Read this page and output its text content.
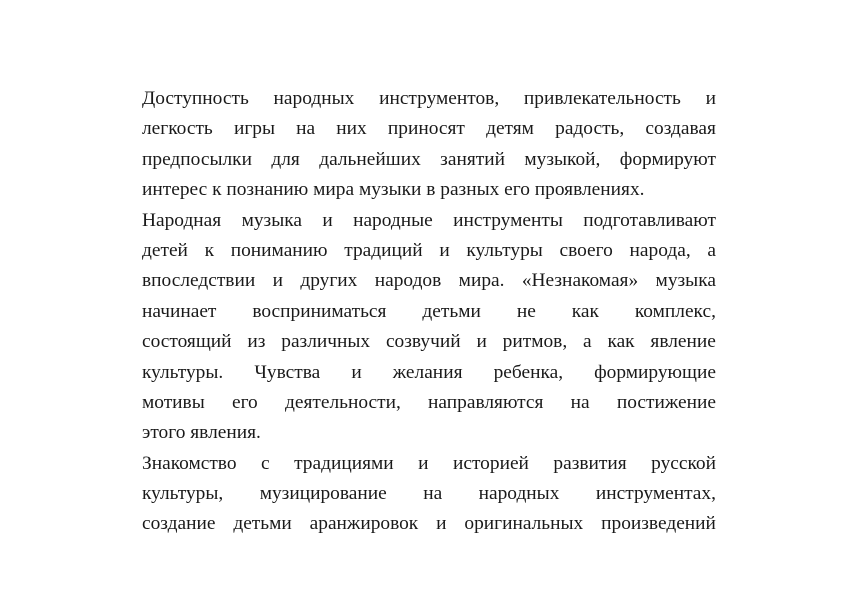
Доступность народных инструментов, привлекательность и
легкость игры на них приносят детям радость, создавая
предпосылки для дальнейших занятий музыкой, формируют
интерес к познанию мира музыки в разных его проявлениях.
Народная музыка и народные инструменты подготавливают
детей к пониманию традиций и культуры своего народа, а
впоследствии и других народов мира. «Незнакомая» музыка
начинает восприниматься детьми не как комплекс,
состоящий из различных созвучий и ритмов, а как явление
культуры. Чувства и желания ребенка, формирующие
мотивы его деятельности, направляются на постижение
этого явления.
Знакомство с традициями и историей развития русской
культуры, музицирование на народных инструментах,
создание детьми аранжировок и оригинальных произведений
